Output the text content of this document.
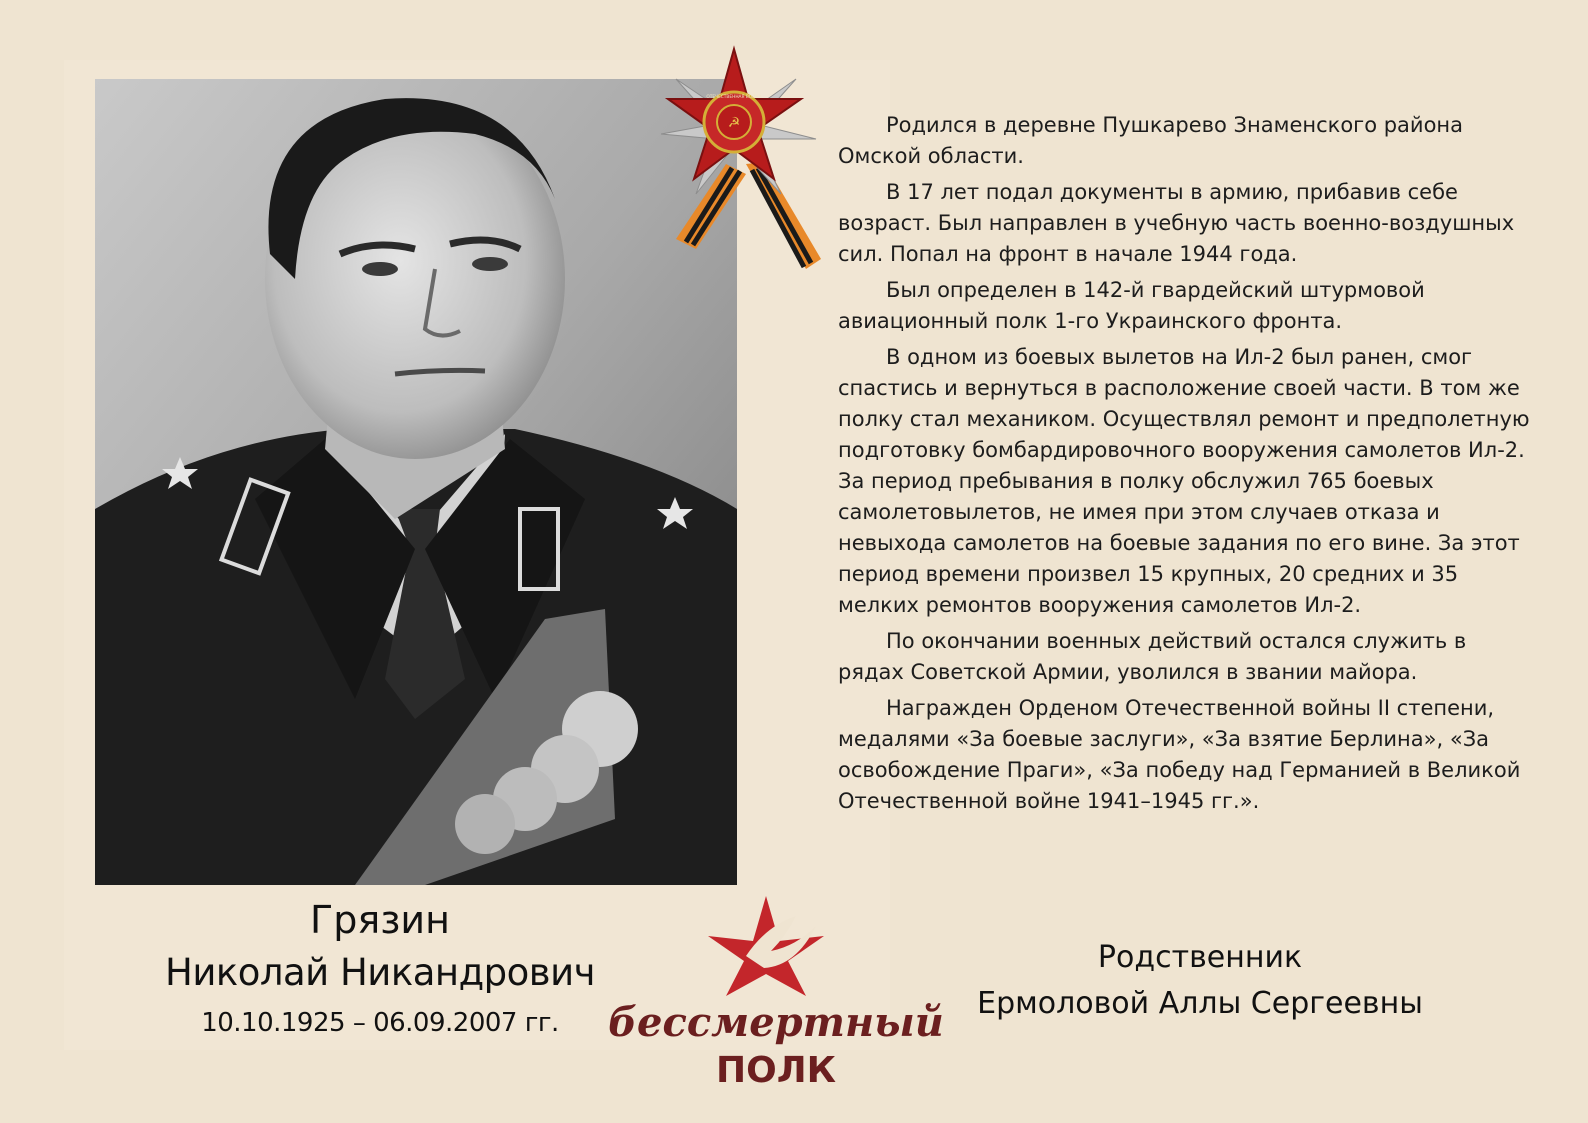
☭
ОТЕЧЕСТВЕННАЯ ВОЙНА

Родился в деревне Пушкарево Знаменского района Омской области.

В 17 лет подал документы в армию, прибавив себе возраст. Был направлен в учебную часть военно-воздушных сил. Попал на фронт в начале 1944 года.

Был определен в 142-й гвардейский штурмовой авиационный полк 1-го Украинского фронта.

В одном из боевых вылетов на Ил-2 был ранен, смог спастись и вернуться в расположение своей части. В том же полку стал механиком. Осуществлял ремонт и предполетную подготовку бомбардировочного вооружения самолетов Ил-2. За период пребывания в полку обслужил 765 боевых самолетовылетов, не имея при этом случаев отказа и невыхода самолетов на боевые задания по его вине. За этот период времени произвел 15 крупных, 20 средних и 35 мелких ремонтов вооружения самолетов Ил-2.

По окончании военных действий остался служить в рядах Советской Армии, уволился в звании майора.

Награжден Орденом Отечественной войны II степени, медалями «За боевые заслуги», «За взятие Берлина», «За освобождение Праги», «За победу над Германией в Великой Отечественной войне 1941–1945 гг.».

Грязин
Николай Никандрович
10.10.1925 – 06.09.2007 гг.	бессмертный
ПОЛК
Родственник
Ермоловой Аллы Сергеевны
